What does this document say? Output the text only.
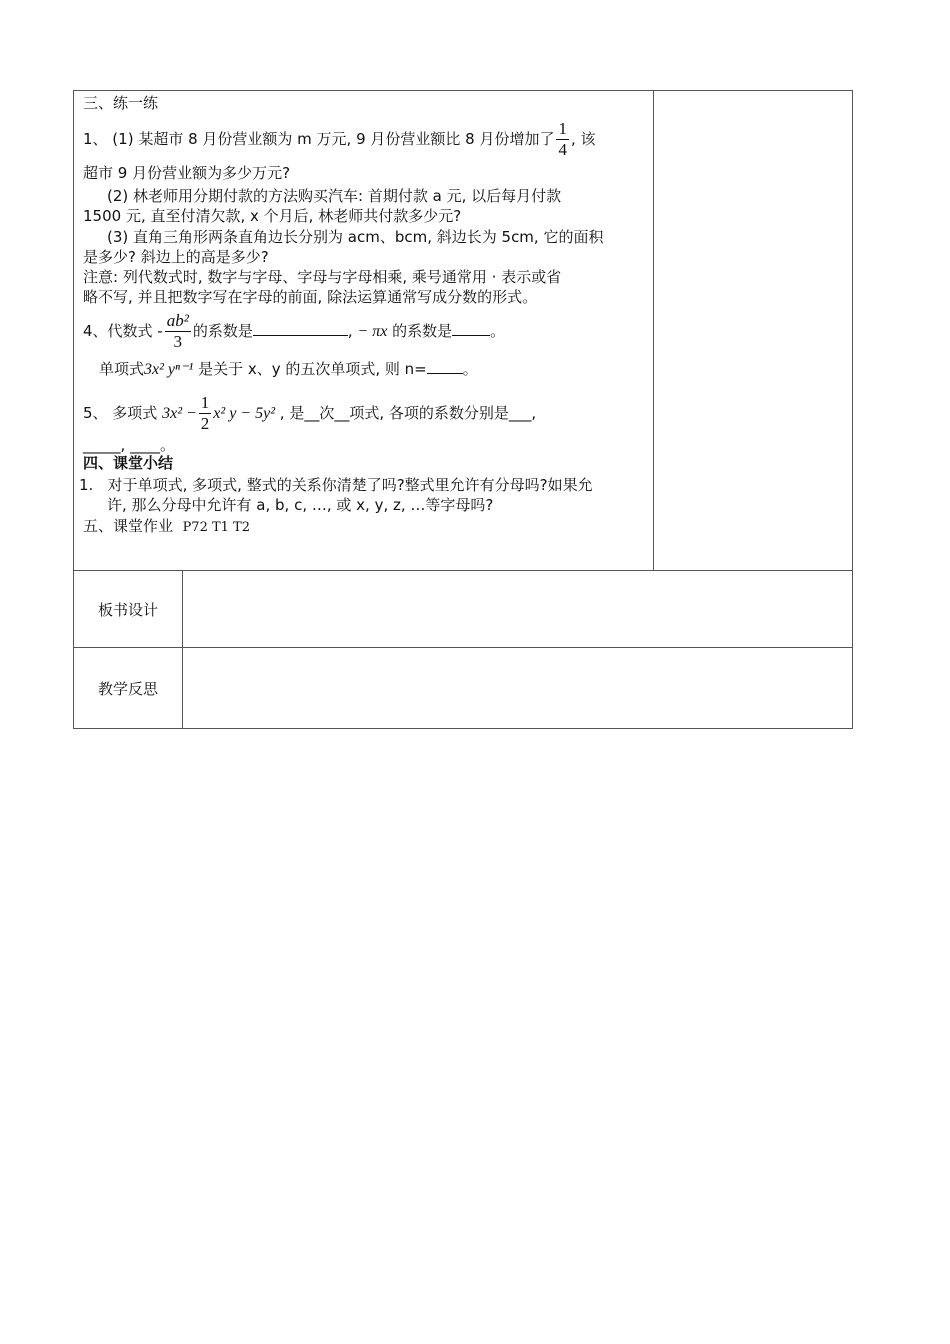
三、练一练
1、 (1) 某超市 8 月份营业额为 m 万元, 9 月份营业额比 8 月份增加了 $\frac{1}{4}$ , 该
超市 9 月份营业额为多少万元?
(2) 林老师用分期付款的方法购买汽车: 首期付款 a 元, 以后每月付款
1500 元, 直至付清欠款, x 个月后, 林老师共付款多少元?
(3) 直角三角形两条直角边长分别为 acm、bcm, 斜边长为 5cm, 它的面积
是多少? 斜边上的高是多少?
注意: 列代数式时, 数字与字母、字母与字母相乘, 乘号通常用 · 表示或省
略不写, 并且把数字写在字母的前面, 除法运算通常写成分数的形式。
4、代数式 - $\frac{\text{ab²}}{3}$ 的系数是	, − πx 的系数是	。
单项式3x² yⁿ⁻¹ 是关于 x、y 的五次单项式, 则 n= 。
5、 多项式 $3x^2 - \frac{1}{2} x^2$ y − 5y² , 是__次__项式, 各项的系数分别是___,
_____, ____。
四、课堂小结
1. 对于单项式, 多项式, 整式的关系你清楚了吗?整式里允许有分母吗?如果允
许, 那么分母中允许有 a, b, c, …, 或 x, y, z, …等字母吗?
五、课堂作业 P72 T1 T2
板书设计
教学反思
